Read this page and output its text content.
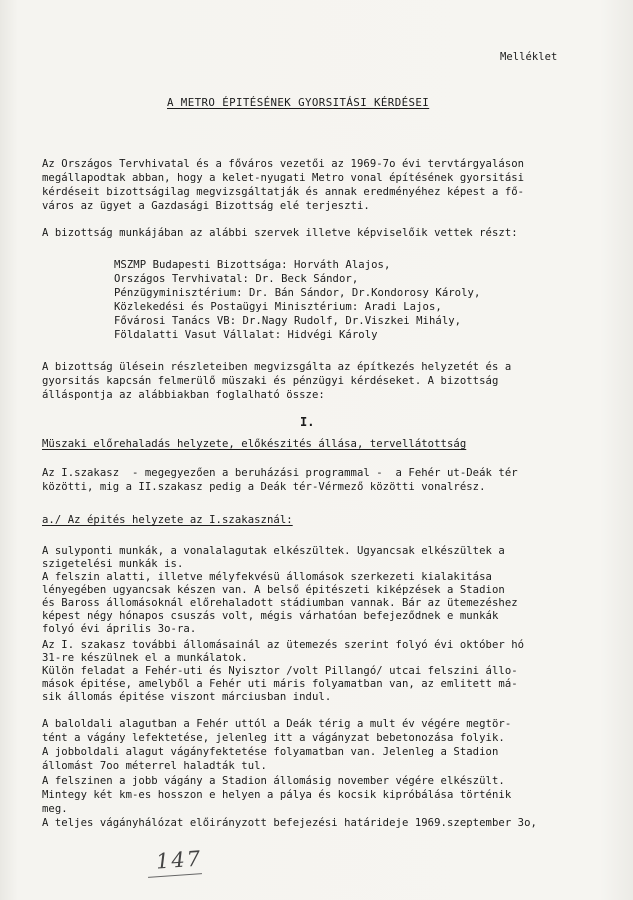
Melléklet
A METRO ÉPITÉSÉNEK GYORSITÁSI KÉRDÉSEI
Az Országos Tervhivatal és a főváros vezetői az 1969-7o évi tervtárgyaláson
megállapodtak abban, hogy a kelet-nyugati Metro vonal építésének gyorsitási
kérdéseit bizottságilag megvizsgáltatják és annak eredményéhez képest a fő-
város az ügyet a Gazdasági Bizottság elé terjeszti.
A bizottság munkájában az alábbi szervek illetve képviselőik vettek részt:
MSZMP Budapesti Bizottsága: Horváth Alajos,
Országos Tervhivatal: Dr. Beck Sándor,
Pénzügyminisztérium: Dr. Bán Sándor, Dr.Kondorosy Károly,
Közlekedési és Postaügyi Minisztérium: Aradi Lajos,
Fővárosi Tanács VB: Dr.Nagy Rudolf, Dr.Viszkei Mihály,
Földalatti Vasut Vállalat: Hidvégi Károly
A bizottság ülésein részleteiben megvizsgálta az építkezés helyzetét és a
gyorsitás kapcsán felmerülő müszaki és pénzügyi kérdéseket. A bizottság
álláspontja az alábbiakban foglalható össze:
I.
Müszaki előrehaladás helyzete, előkészités állása, tervellátottság
Az I.szakasz  - megegyezően a beruházási programmal -  a Fehér ut-Deák tér
közötti, mig a II.szakasz pedig a Deák tér-Vérmező közötti vonalrész.
a./ Az épités helyzete az I.szakasznál:
A sulyponti munkák, a vonalalagutak elkészültek. Ugyancsak elkészültek a
szigetelési munkák is.
A felszin alatti, illetve mélyfekvésü állomások szerkezeti kialakitása
lényegében ugyancsak készen van. A belső épitészeti kiképzések a Stadion
és Baross állomásoknál előrehaladott stádiumban vannak. Bár az ütemezéshez
képest négy hónapos csuszás volt, mégis várhatóan befejeződnek e munkák
folyó évi április 3o-ra.
Az I. szakasz további állomásainál az ütemezés szerint folyó évi október hó
31-re készülnek el a munkálatok.
Külön feladat a Fehér-uti és Nyisztor /volt Pillangó/ utcai felszini állo-
mások épitése, amelyből a Fehér uti máris folyamatban van, az emlitett má-
sik állomás épitése viszont márciusban indul.
A baloldali alagutban a Fehér uttól a Deák térig a mult év végére megtör-
tént a vágány lefektetése, jelenleg itt a vágányzat bebetonozása folyik.
A jobboldali alagut vágányfektetése folyamatban van. Jelenleg a Stadion
állomást 7oo méterrel haladták tul.
A felszinen a jobb vágány a Stadion állomásig november végére elkészült.
Mintegy két km-es hosszon e helyen a pálya és kocsik kipróbálása történik
meg.
A teljes vágányhálózat előirányzott befejezési határideje 1969.szeptember 3o,
147
